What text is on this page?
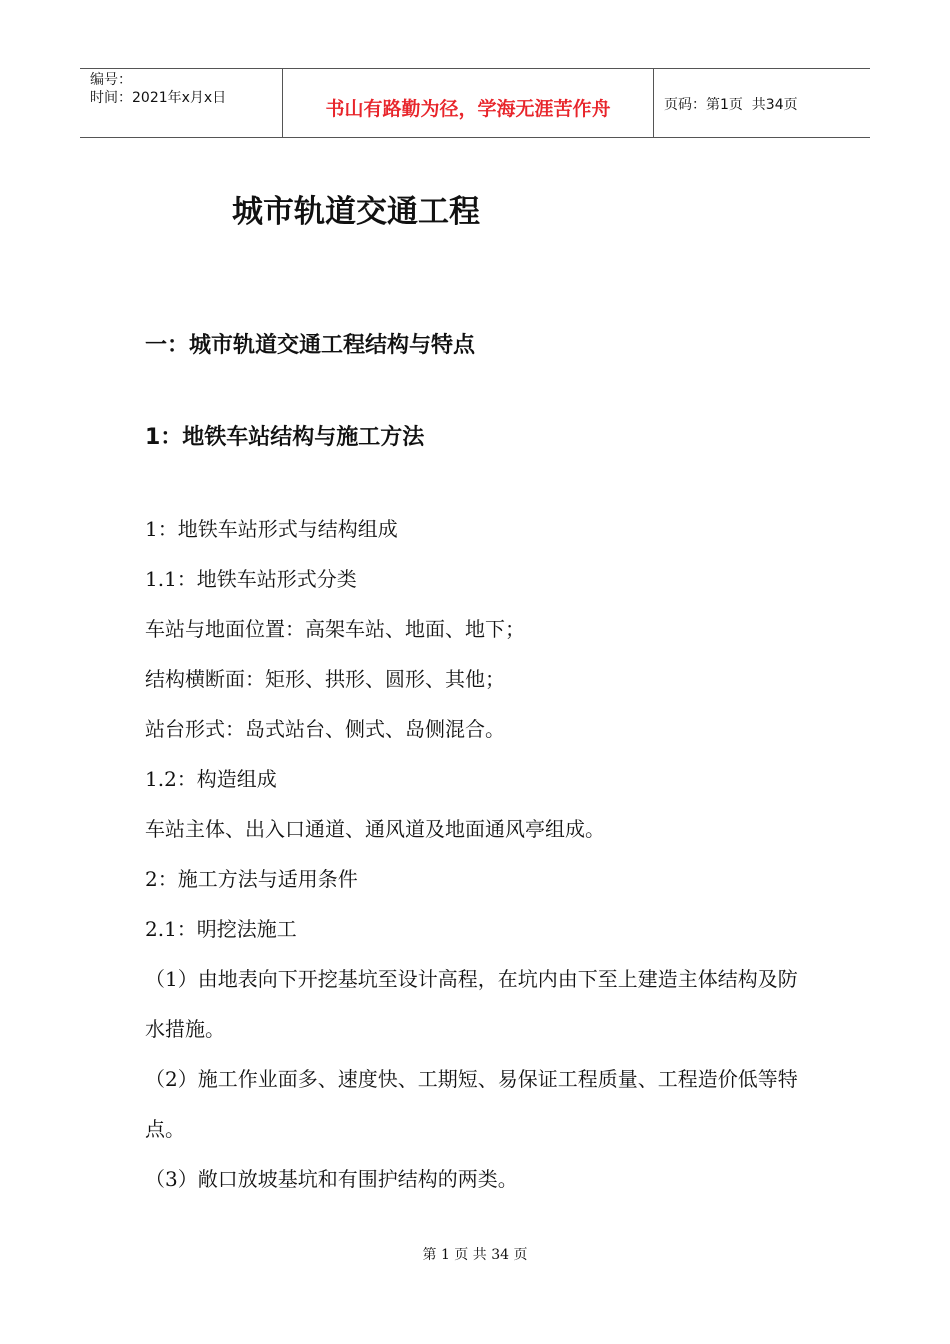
编号：
时间：2021年x月x日	书山有路勤为径，学海无涯苦作舟	页码：第1页  共34页
城市轨道交通工程
一：城市轨道交通工程结构与特点
1：地铁车站结构与施工方法

1：地铁车站形式与结构组成

1.1：地铁车站形式分类

车站与地面位置：高架车站、地面、地下；

结构横断面：矩形、拱形、圆形、其他；

站台形式：岛式站台、侧式、岛侧混合。

1.2：构造组成

车站主体、出入口通道、通风道及地面通风亭组成。

2：施工方法与适用条件

2.1：明挖法施工

（1）由地表向下开挖基坑至设计高程，在坑内由下至上建造主体结构及防水措施。

（2）施工作业面多、速度快、工期短、易保证工程质量、工程造价低等特点。

（3）敞口放坡基坑和有围护结构的两类。

第 1 页 共 34 页
